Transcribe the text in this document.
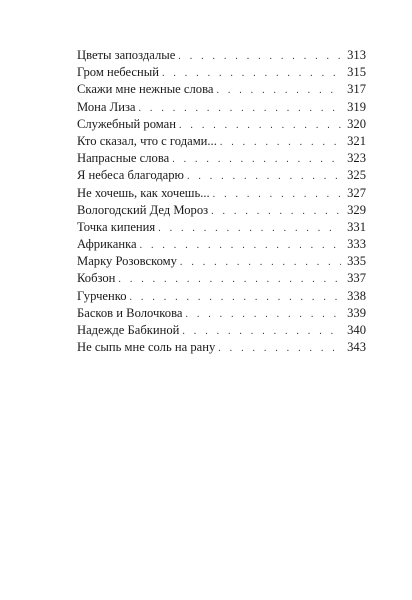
Цветы запоздалые . . .	313
Гром небесный . . .	315
Скажи мне нежные слова . . .	317
Мона Лиза . . .	319
Служебный роман . . .	320
Кто сказал, что с годами... . . .	321
Напрасные слова . . .	323
Я небеса благодарю . . .	325
Не хочешь, как хочешь... . . .	327
Вологодский Дед Мороз . . .	329
Точка кипения . . .	331
Африканка . . .	333
Марку Розовскому . . .	335
Кобзон . . .	337
Гурченко . . .	338
Басков и Волочкова . . .	339
Надежде Бабкиной . . .	340
Не сыпь мне соль на рану . . .	343
